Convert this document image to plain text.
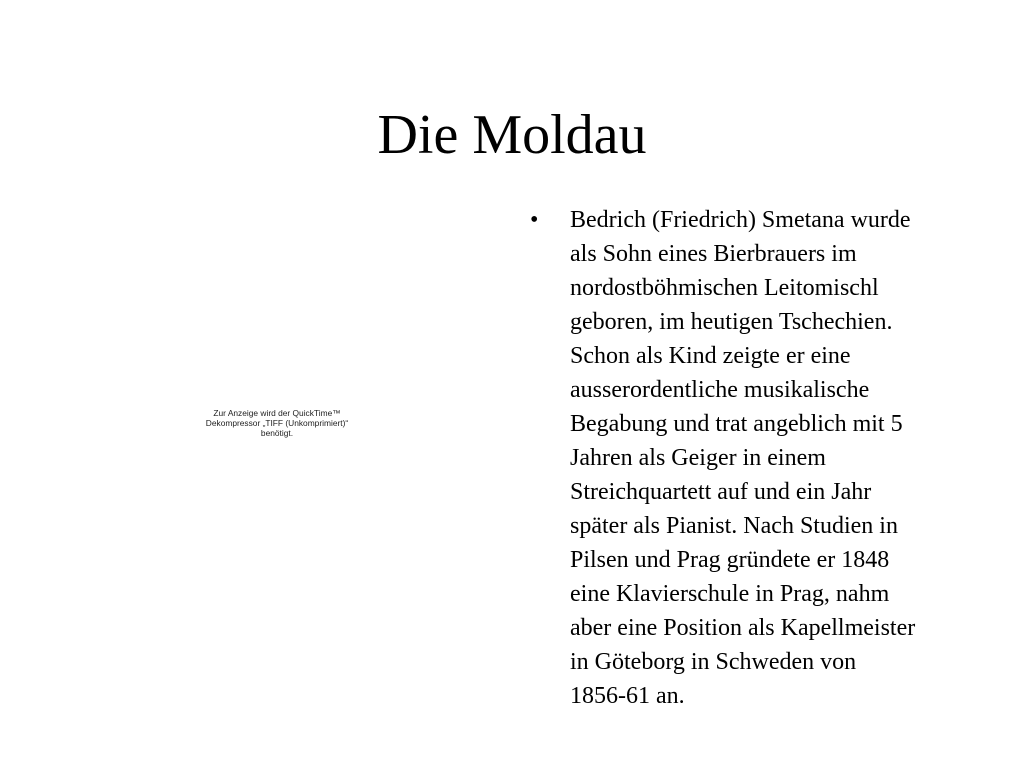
Die Moldau
Zur Anzeige wird der QuickTime™
Dekompressor „TIFF (Unkomprimiert)“
benötigt.
•	Bedrich (Friedrich) Smetana wurde
als Sohn eines Bierbrauers im
nordostböhmischen Leitomischl
geboren, im heutigen Tschechien.
Schon als Kind zeigte er eine
ausserordentliche musikalische
Begabung und trat angeblich mit 5
Jahren als Geiger in einem
Streichquartett auf und ein Jahr
später als Pianist. Nach Studien in
Pilsen und Prag gründete er 1848
eine Klavierschule in Prag, nahm
aber eine Position als Kapellmeister
in Göteborg in Schweden von
1856-61 an.
